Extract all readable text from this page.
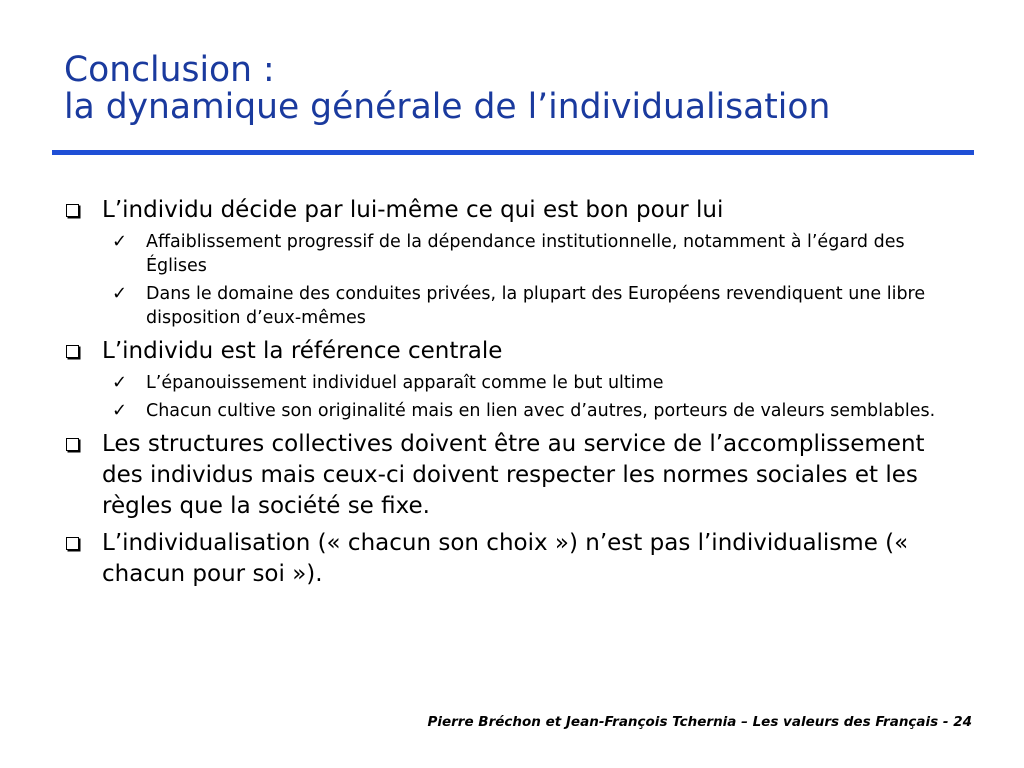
Conclusion :
la dynamique générale de l’individualisation
L’individu décide par lui-même ce qui est bon pour lui
✓ Affaiblissement progressif de la dépendance institutionnelle, notamment à l’égard des Églises
✓ Dans le domaine des conduites privées, la plupart des Européens revendiquent une libre disposition d’eux-mêmes
L’individu est la référence centrale
✓ L’épanouissement individuel apparaît comme le but ultime
✓ Chacun cultive son originalité mais en lien avec d’autres, porteurs de valeurs semblables.
Les structures collectives doivent être au service de l’accomplissement des individus mais ceux-ci doivent respecter les normes sociales et les règles que la société se fixe.
L’individualisation (« chacun son choix ») n’est pas l’individualisme (« chacun pour soi »).
Pierre Bréchon et Jean-François Tchernia – Les valeurs des Français - 24
